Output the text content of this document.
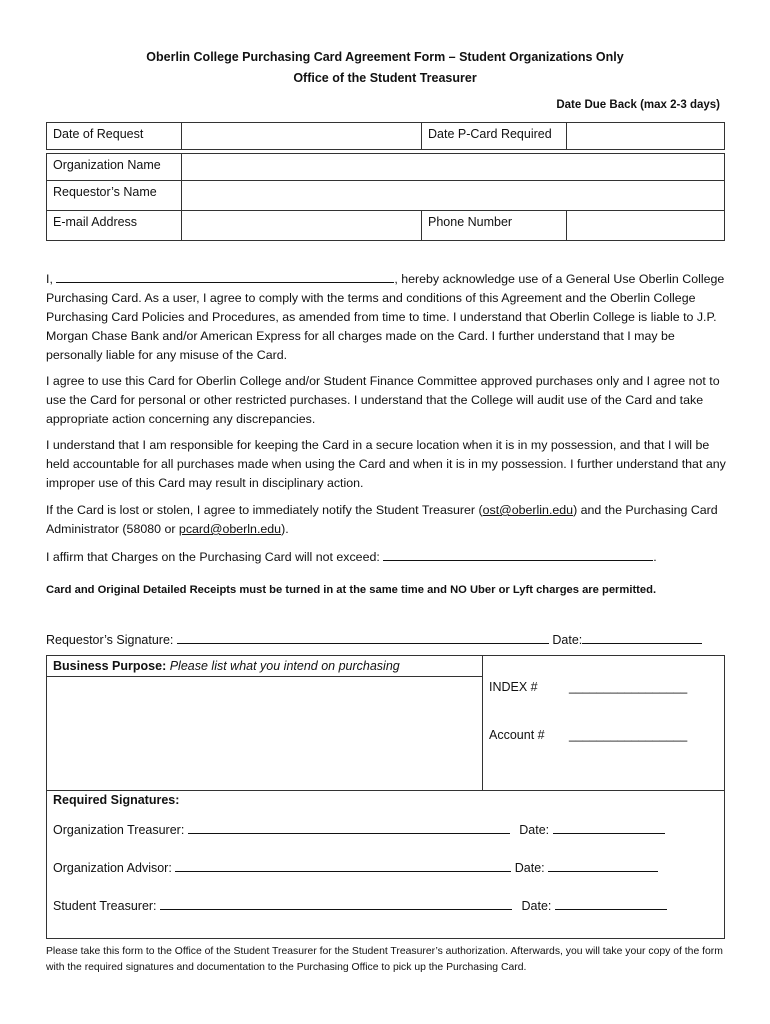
Oberlin College Purchasing Card Agreement Form – Student Organizations Only
Office of the Student Treasurer
Date Due Back (max 2-3 days)
Date of Request		Date P-Card Required	

Organization Name			
Requestor’s Name			
E-mail Address		Phone Number	
I,	, hereby acknowledge use of a General Use Oberlin College Purchasing Card. As a user, I agree to comply with the terms and conditions of this Agreement and the Oberlin College Purchasing Card Policies and Procedures, as amended from time to time. I understand that Oberlin College is liable to J.P. Morgan Chase Bank and/or American Express for all charges made on the Card. I further understand that I may be personally liable for any misuse of the Card.
I agree to use this Card for Oberlin College and/or Student Finance Committee approved purchases only and I agree not to use the Card for personal or other restricted purchases. I understand that the College will audit use of the Card and take appropriate action concerning any discrepancies.
I understand that I am responsible for keeping the Card in a secure location when it is in my possession, and that I will be held accountable for all purchases made when using the Card and when it is in my possession. I further understand that any improper use of this Card may result in disciplinary action.
If the Card is lost or stolen, I agree to immediately notify the Student Treasurer (ost@oberlin.edu) and the Purchasing Card Administrator (58080 or pcard@oberln.edu).
I affirm that Charges on the Purchasing Card will not exceed:	.
Card and Original Detailed Receipts must be turned in at the same time and NO Uber or Lyft charges are permitted.
Requestor’s Signature:	Date:
Business Purpose: Please list what you intend on purchasing
INDEX #	_________________
Account # _________________
Required Signatures:
Organization Treasurer:	Date:
Organization Advisor:	Date:
Student Treasurer:	Date:
Please take this form to the Office of the Student Treasurer for the Student Treasurer’s authorization. Afterwards, you will take your copy of the form with the required signatures and documentation to the Purchasing Office to pick up the Purchasing Card.
